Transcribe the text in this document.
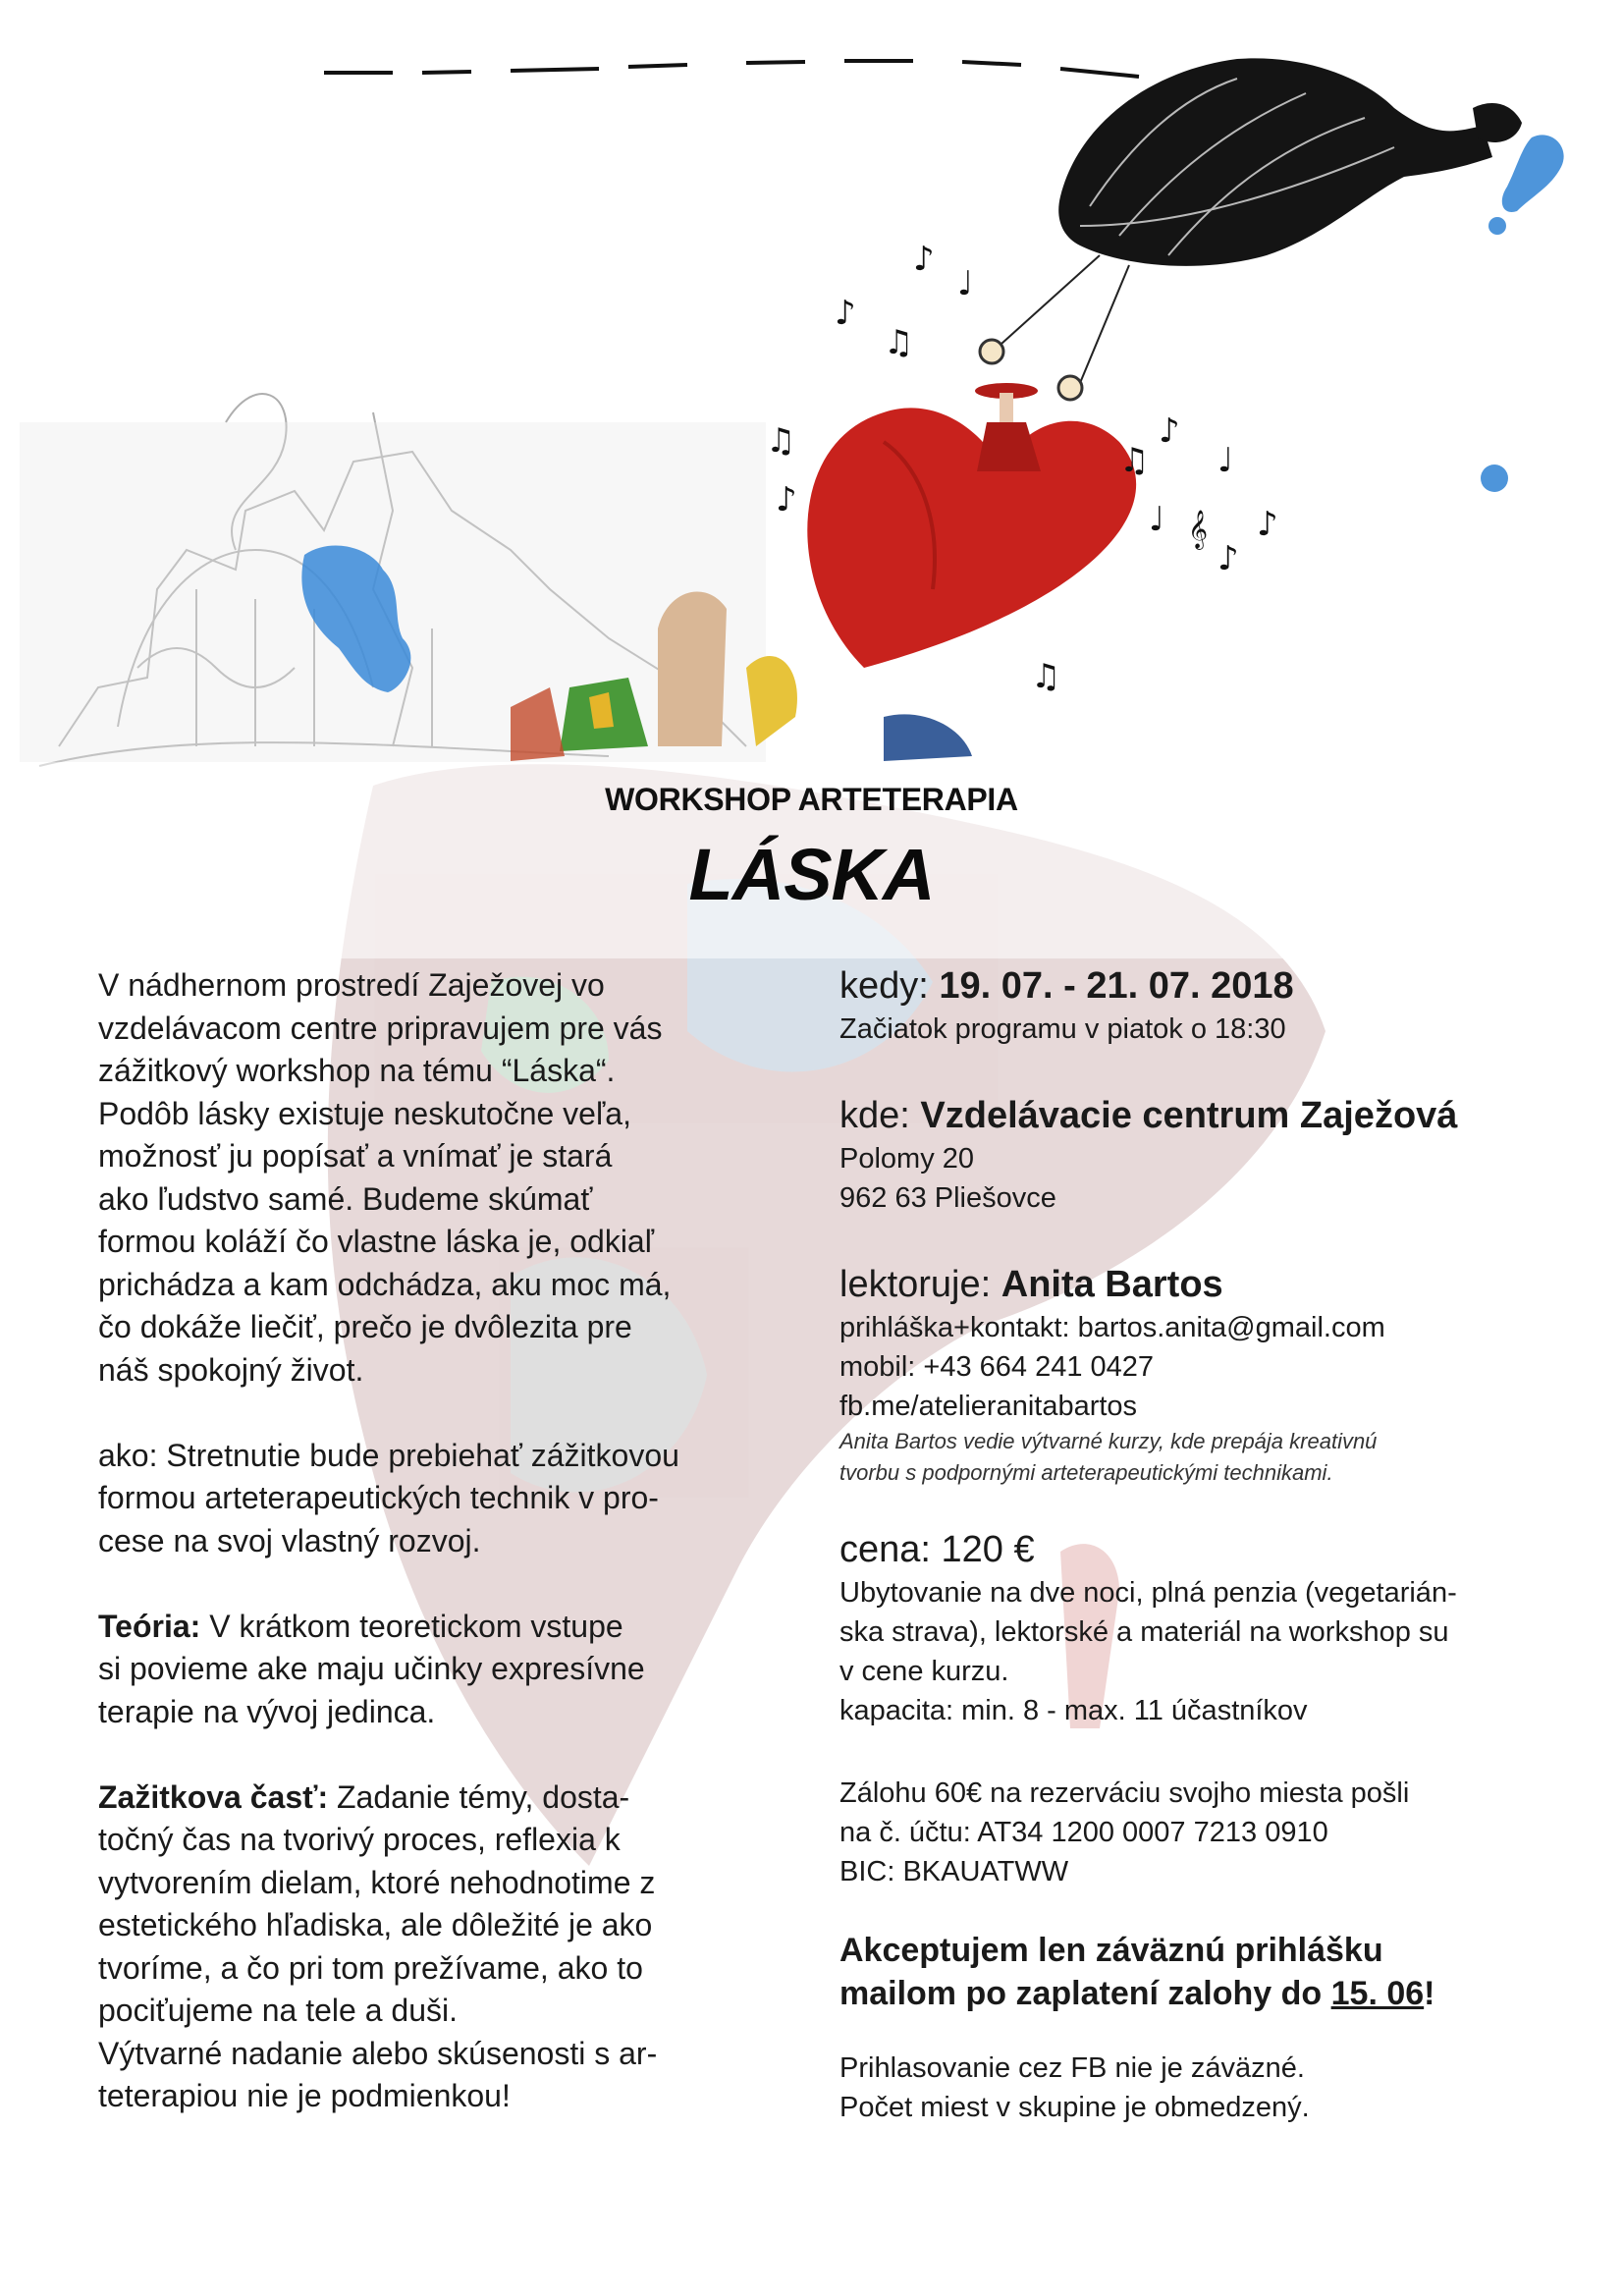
♪
♪
♩
♫
♫	♫
♪
♩
♩ 𝄞
♪
♪
♫
♪
WORKSHOP ARTETERAPIA
LÁSKA

V nádhernom prostredí Zaježovej vo
vzdelávacom centre pripravujem pre vás
zážitkový workshop na tému “Láska“.
Podôb lásky existuje neskutočne veľa,
možnosť ju popísať a vnímať je stará
ako ľudstvo samé. Budeme skúmať
formou koláží čo vlastne láska je, odkiaľ
prichádza a kam odchádza, aku moc má,
čo dokáže liečiť, prečo je dvôlezita pre
náš spokojný život.

ako: Stretnutie bude prebiehať zážitkovou
formou arteterapeutických technik v pro-
cese na svoj vlastný rozvoj.

Teória: V krátkom teoretickom vstupe
si povieme ake maju učinky expresívne
terapie na vývoj jedinca.

Zažitkova časť: Zadanie témy, dosta-
točný čas na tvorivý proces, reflexia k
vytvorením dielam, ktoré nehodnotime z
estetického hľadiska, ale dôležité je ako
tvoríme, a čo pri tom prežívame, ako to
pociťujeme na tele a duši.
Výtvarné nadanie alebo skúsenosti s ar-
teterapiou nie je podmienkou!

kedy: 19. 07. - 21. 07. 2018
Začiatok programu v piatok o 18:30
kde: Vzdelávacie centrum Zaježová
Polomy 20
962 63 Pliešovce
lektoruje: Anita Bartos
prihláška+kontakt: bartos.anita@gmail.com
mobil: +43 664 241 0427
fb.me/atelieranitabartos
Anita Bartos vedie výtvarné kurzy, kde prepája kreativnú
tvorbu s podpornými arteterapeutickými technikami.
cena: 120 €
Ubytovanie na dve noci, plná penzia (vegetarián-
ska strava), lektorské a materiál na workshop su
v cene kurzu.
kapacita: min. 8 - max. 11 účastníkov
Zálohu 60€ na rezerváciu svojho miesta pošli
na č. účtu: AT34 1200 0007 7213 0910
BIC: BKAUATWW
Akceptujem len záväznú prihlášku
mailom po zaplatení zalohy do 15. 06!
Prihlasovanie cez FB nie je záväzné.
Počet miest v skupine je obmedzený.
